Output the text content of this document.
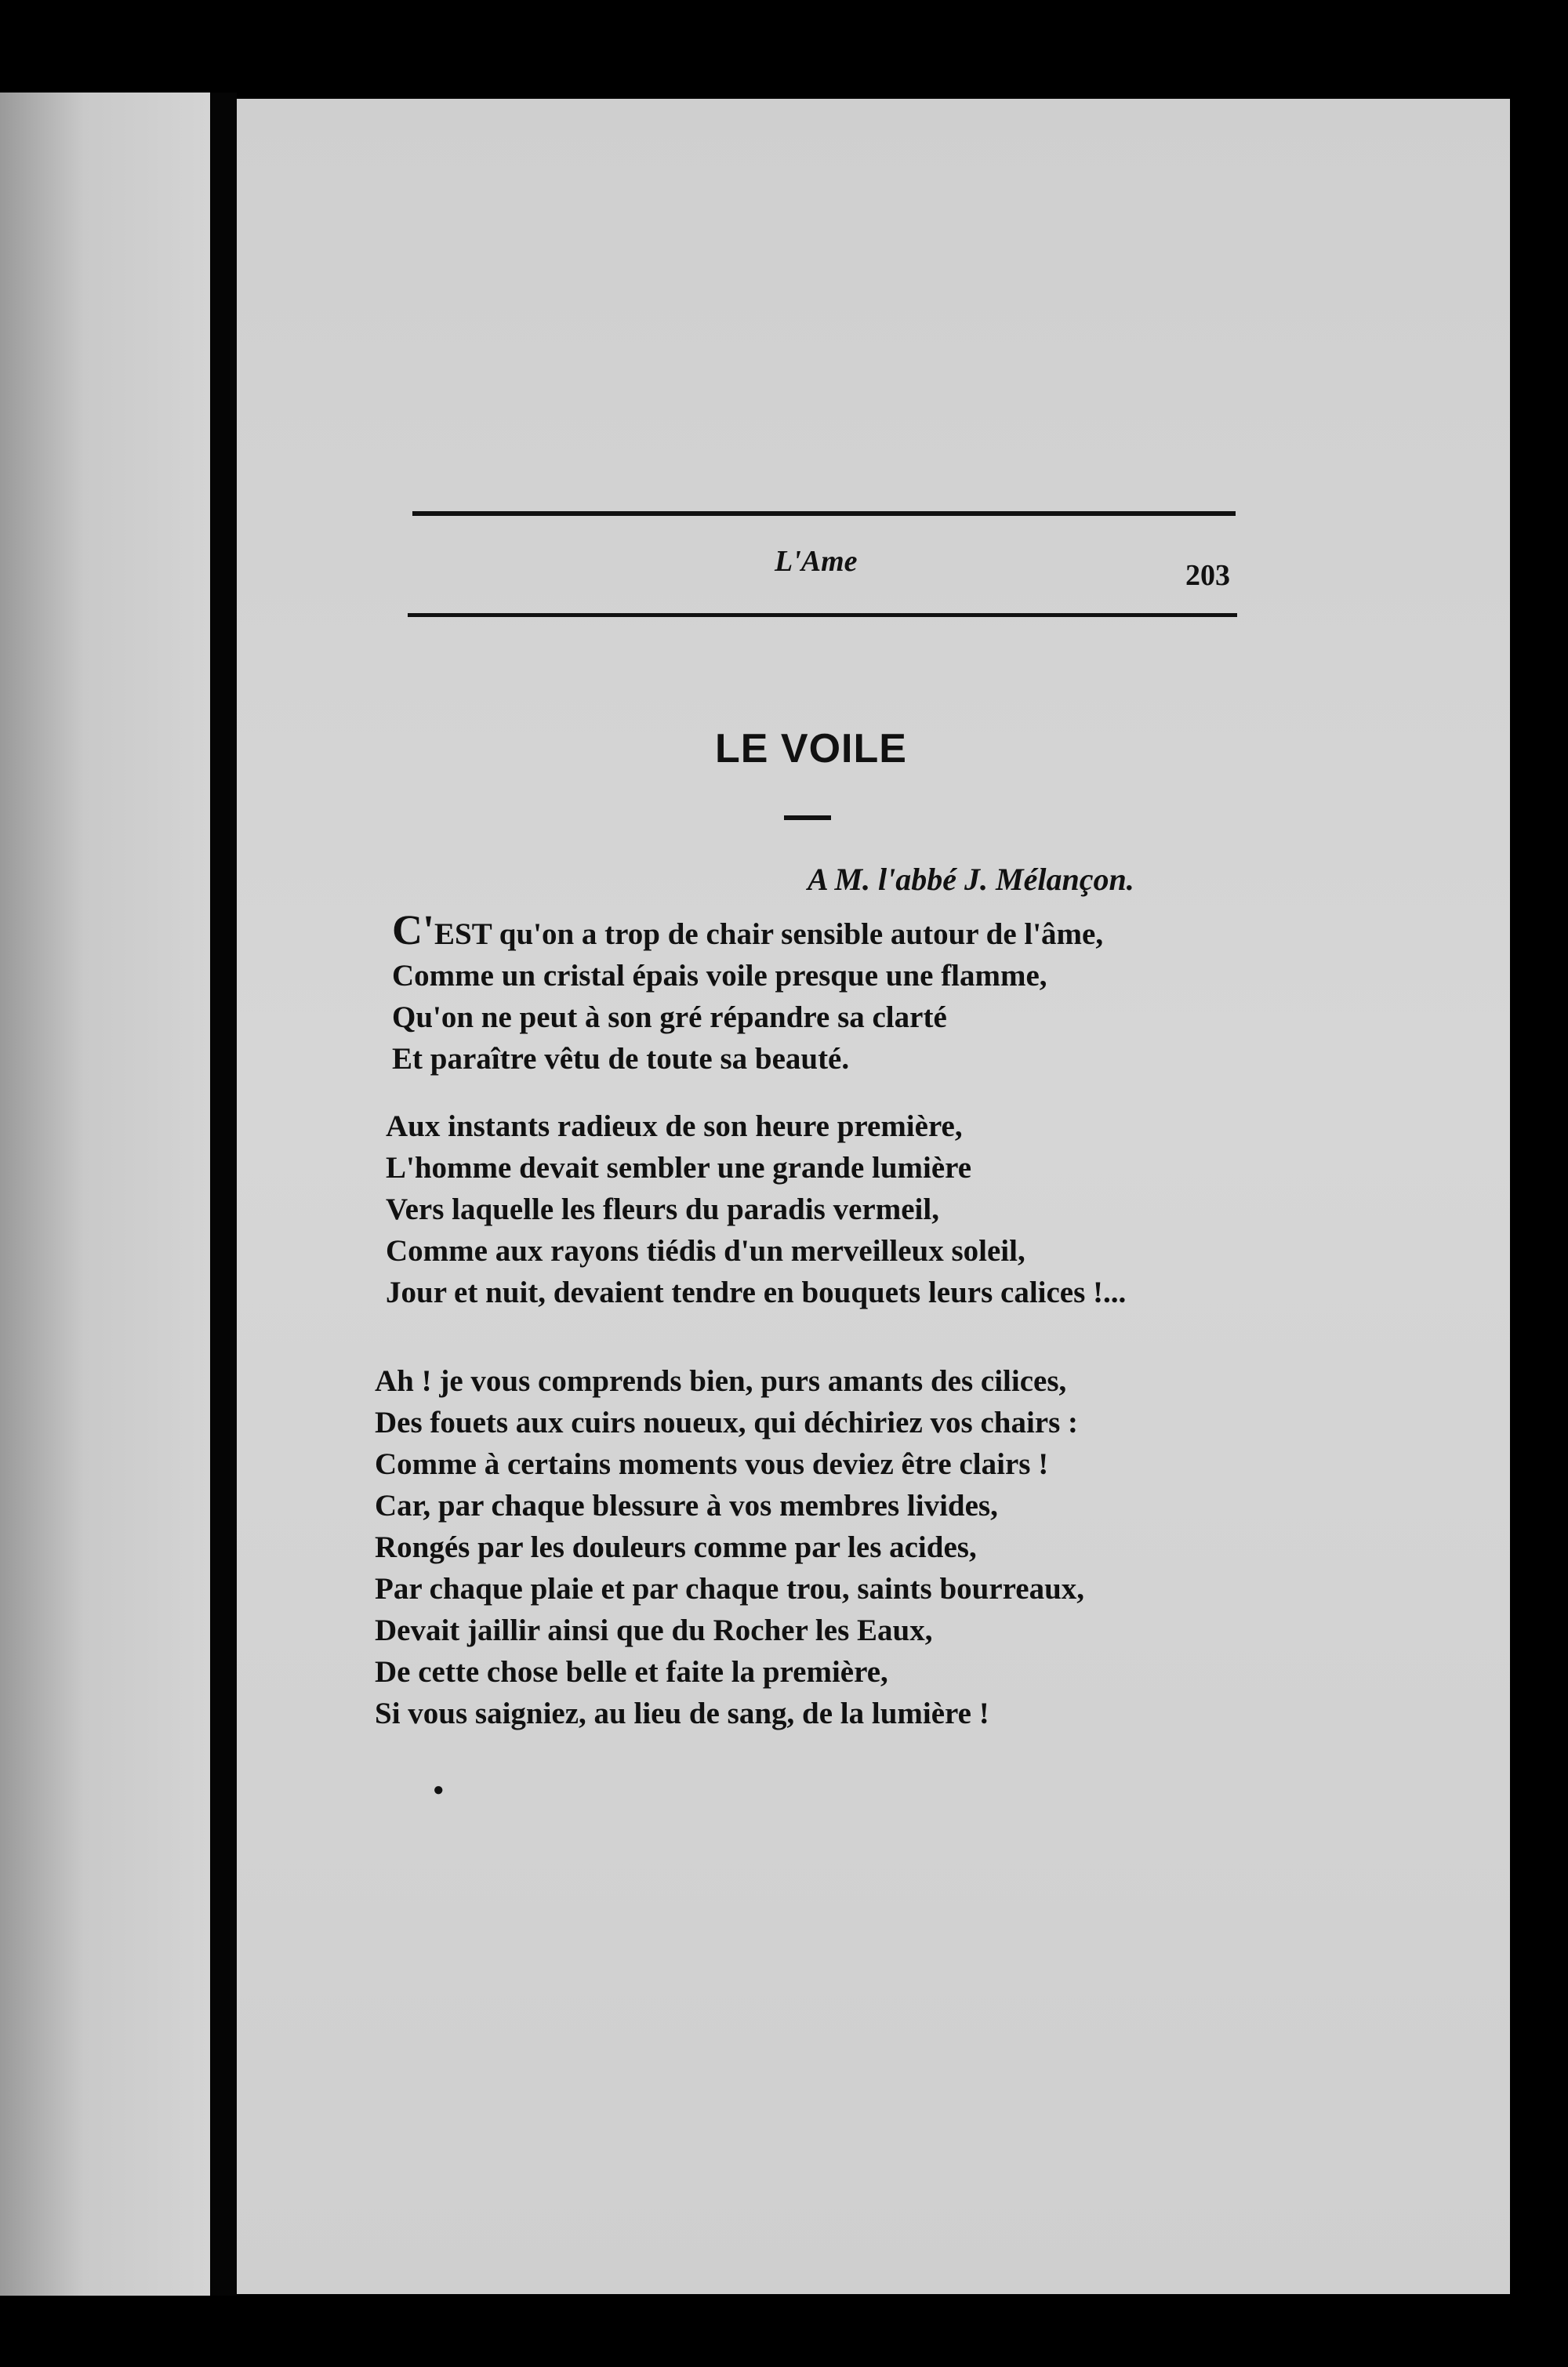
L'Ame	203
LE VOILE
A M. l'abbé J. Mélançon.
C'EST qu'on a trop de chair sensible autour de l'âme,
Comme un cristal épais voile presque une flamme,
Qu'on ne peut à son gré répandre sa clarté
Et paraître vêtu de toute sa beauté.
Aux instants radieux de son heure première,
L'homme devait sembler une grande lumière
Vers laquelle les fleurs du paradis vermeil,
Comme aux rayons tiédis d'un merveilleux soleil,
Jour et nuit, devaient tendre en bouquets leurs calices !...
Ah ! je vous comprends bien, purs amants des cilices,
Des fouets aux cuirs noueux, qui déchiriez vos chairs :
Comme à certains moments vous deviez être clairs !
Car, par chaque blessure à vos membres livides,
Rongés par les douleurs comme par les acides,
Par chaque plaie et par chaque trou, saints bourreaux,
Devait jaillir ainsi que du Rocher les Eaux,
De cette chose belle et faite la première,
Si vous saigniez, au lieu de sang, de la lumière !
●
